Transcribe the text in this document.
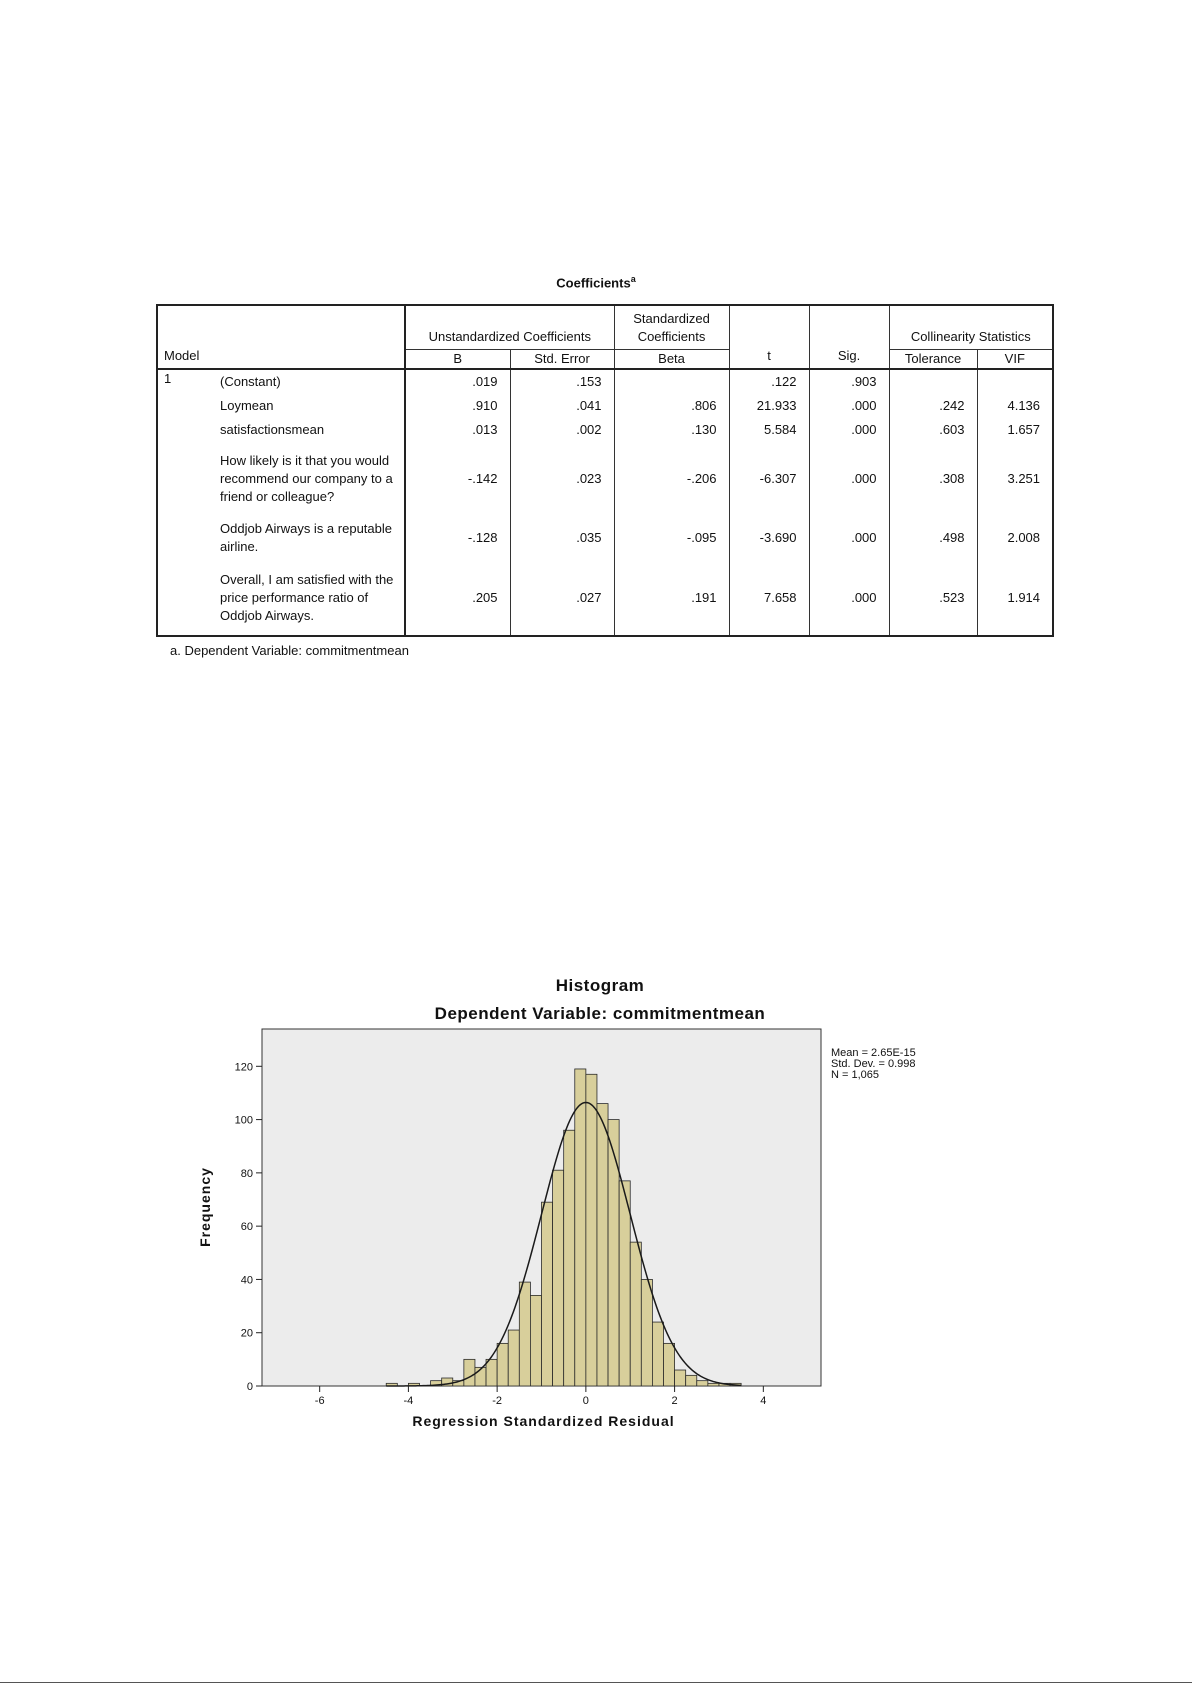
Coefficients$^a$
Model		Unstandardized Coefficients		Standardized Coefficients	t	Sig.	Collinearity Statistics	
		B	Std. Error	Beta			Tolerance	VIF
1	(Constant)	.019	.153		.122	.903		
	Loymean	.910	.041	.806	21.933	.000	.242	4.136
	satisfactionsmean	.013	.002	.130	5.584	.000	.603	1.657
	How likely is it that you would recommend our company to a friend or colleague?	-.142	.023	-.206	-6.307	.000	.308	3.251
	Oddjob Airways is a reputable airline.	-.128	.035	-.095	-3.690	.000	.498	2.008
	Overall, I am satisfied with the price performance ratio of Oddjob Airways.	.205	.027	.191	7.658	.000	.523	1.914
a. Dependent Variable: commitmentmean
Histogram
Dependent Variable: commitmentmean
0
20
40
60
80
100
120
-6	-4	-2	0	2	4
Mean = 2.65E-15
Std. Dev. = 0.998
N = 1,065
Regression Standardized Residual
Frequency
